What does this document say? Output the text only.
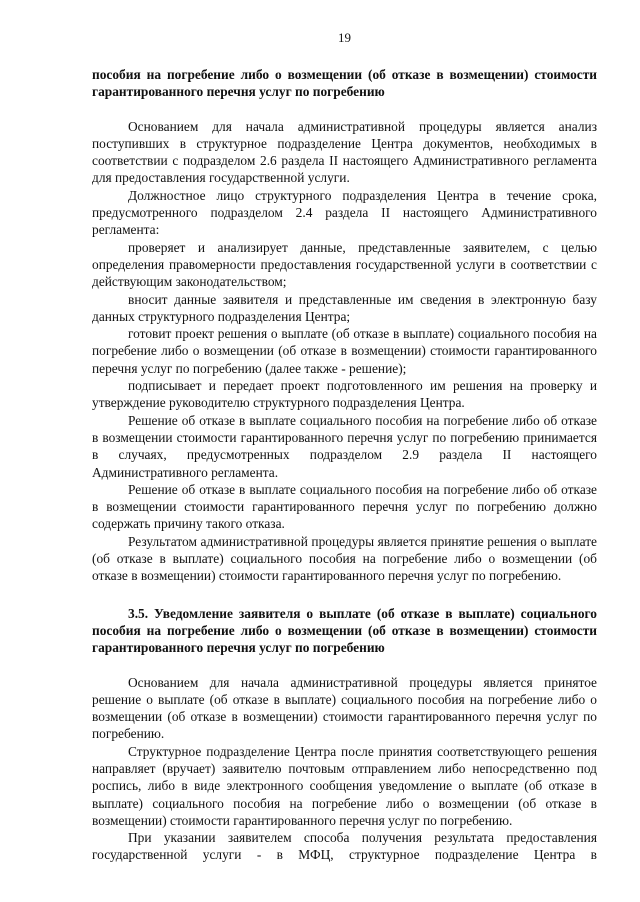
19

пособия на погребение либо о возмещении (об отказе в возмещении) стоимости гарантированного перечня услуг по погребению

Основанием для начала административной процедуры является анализ поступивших в структурное подразделение Центра документов, необходимых в соответствии с подразделом 2.6 раздела II настоящего Административного регламента для предоставления государственной услуги.

Должностное лицо структурного подразделения Центра в течение срока, предусмотренного подразделом 2.4 раздела II настоящего Административного регламента:

проверяет и анализирует данные, представленные заявителем, с целью определения правомерности предоставления государственной услуги в соответствии с действующим законодательством;

вносит данные заявителя и представленные им сведения в электронную базу данных структурного подразделения Центра;

готовит проект решения о выплате (об отказе в выплате) социального пособия на погребение либо о возмещении (об отказе в возмещении) стоимости гарантированного перечня услуг по погребению (далее также - решение);

подписывает и передает проект подготовленного им решения на проверку и утверждение руководителю структурного подразделения Центра.

Решение об отказе в выплате социального пособия на погребение либо об отказе в возмещении стоимости гарантированного перечня услуг по погребению принимается в случаях, предусмотренных подразделом 2.9 раздела II настоящего Административного регламента.

Решение об отказе в выплате социального пособия на погребение либо об отказе в возмещении стоимости гарантированного перечня услуг по погребению должно содержать причину такого отказа.

Результатом административной процедуры является принятие решения о выплате (об отказе в выплате) социального пособия на погребение либо о возмещении (об отказе в возмещении) стоимости гарантированного перечня услуг по погребению.

3.5. Уведомление заявителя о выплате (об отказе в выплате) социального пособия на погребение либо о возмещении (об отказе в возмещении) стоимости гарантированного перечня услуг по погребению

Основанием для начала административной процедуры является принятое решение о выплате (об отказе в выплате) социального пособия на погребение либо о возмещении (об отказе в возмещении) стоимости гарантированного перечня услуг по погребению.

Структурное подразделение Центра после принятия соответствующего решения направляет (вручает) заявителю почтовым отправлением либо непосредственно под роспись, либо в виде электронного сообщения уведомление о выплате (об отказе в выплате) социального пособия на погребение либо о возмещении (об отказе в возмещении) стоимости гарантированного перечня услуг по погребению.

При указании заявителем способа получения результата предоставления государственной услуги - в МФЦ, структурное подразделение Центра в
